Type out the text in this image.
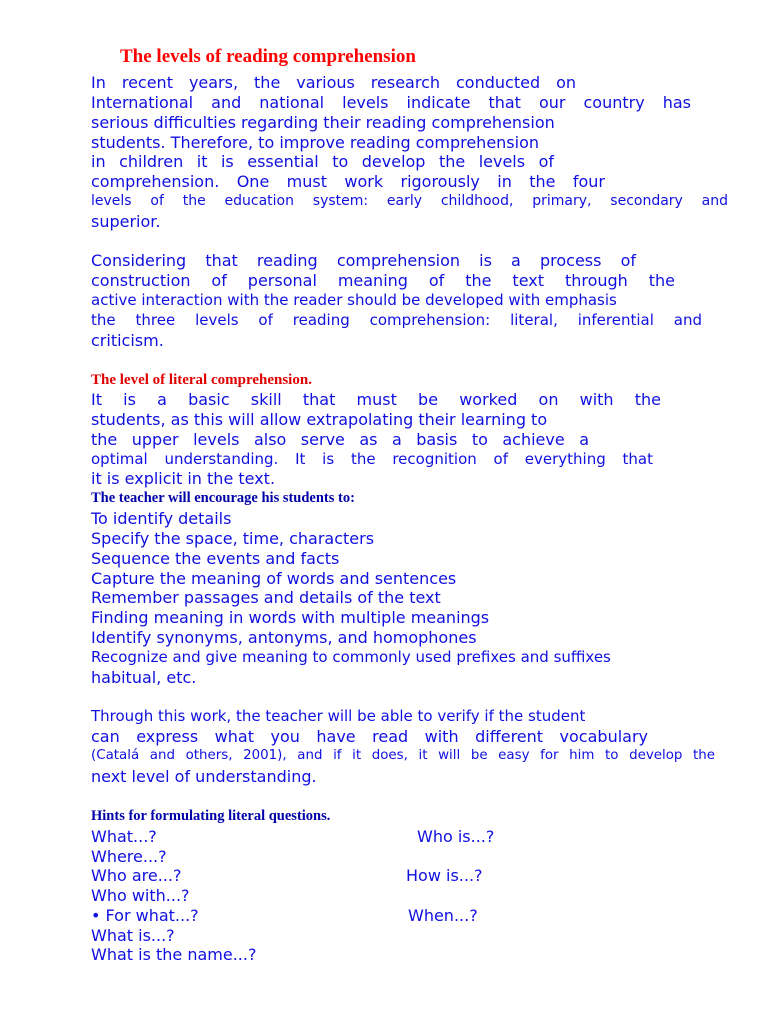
The levels of reading comprehension
In recent years, the various research conducted on
International and national levels indicate that our country has
serious difficulties regarding their reading comprehension
students. Therefore, to improve reading comprehension
in children it is essential to develop the levels of
comprehension. One must work rigorously in the four
levels of the education system: early childhood, primary, secondary and
superior.
Considering that reading comprehension is a process of
construction of personal meaning of the text through the
active interaction with the reader should be developed with emphasis
the three levels of reading comprehension: literal, inferential and
criticism.
The level of literal comprehension.
It is a basic skill that must be worked on with the
students, as this will allow extrapolating their learning to
the upper levels also serve as a basis to achieve a
optimal understanding. It is the recognition of everything that
it is explicit in the text.
The teacher will encourage his students to:
To identify details
Specify the space, time, characters
Sequence the events and facts
Capture the meaning of words and sentences
Remember passages and details of the text
Finding meaning in words with multiple meanings
Identify synonyms, antonyms, and homophones
Recognize and give meaning to commonly used prefixes and suffixes
habitual, etc.
Through this work, the teacher will be able to verify if the student
can express what you have read with different vocabulary
(Catalá and others, 2001), and if it does, it will be easy for him to develop the
next level of understanding.
Hints for formulating literal questions.
What...?
Where...?
Who are...?
Who with...?
• For what...?
What is...?
What is the name...?
Who is...?
How is...?
When...?
